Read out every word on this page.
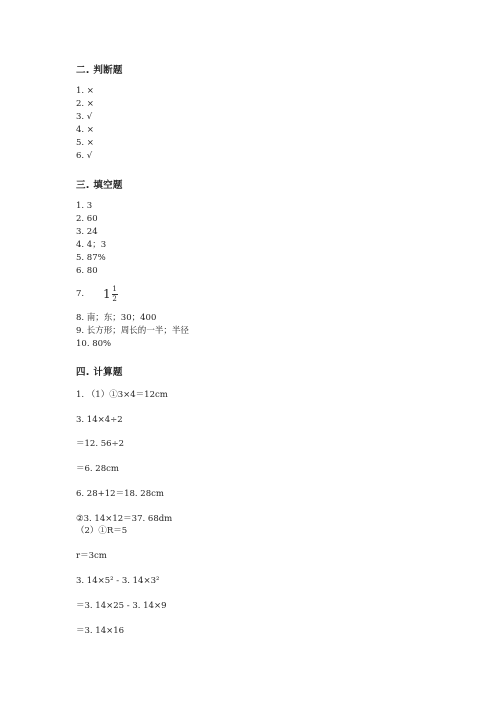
二. 判断题
1. ×
2. ×
3. √
4. ×
5. ×
6. √
三. 填空题
1. 3
2. 60
3. 24
4. 4；3
5. 87%
6. 80
7. $1 \frac{1}{2}$
8. 南；东；30；400
9. 长方形；周长的一半；半径
10. 80%
四. 计算题
1. （1）①3×4＝12cm
3. 14×4÷2
＝12. 56÷2
＝6. 28cm
6. 28+12＝18. 28cm
②3. 14×12＝37. 68dm
（2）①R＝5
r＝3cm
3. 14×5² - 3. 14×3²
＝3. 14×25 - 3. 14×9
＝3. 14×16
